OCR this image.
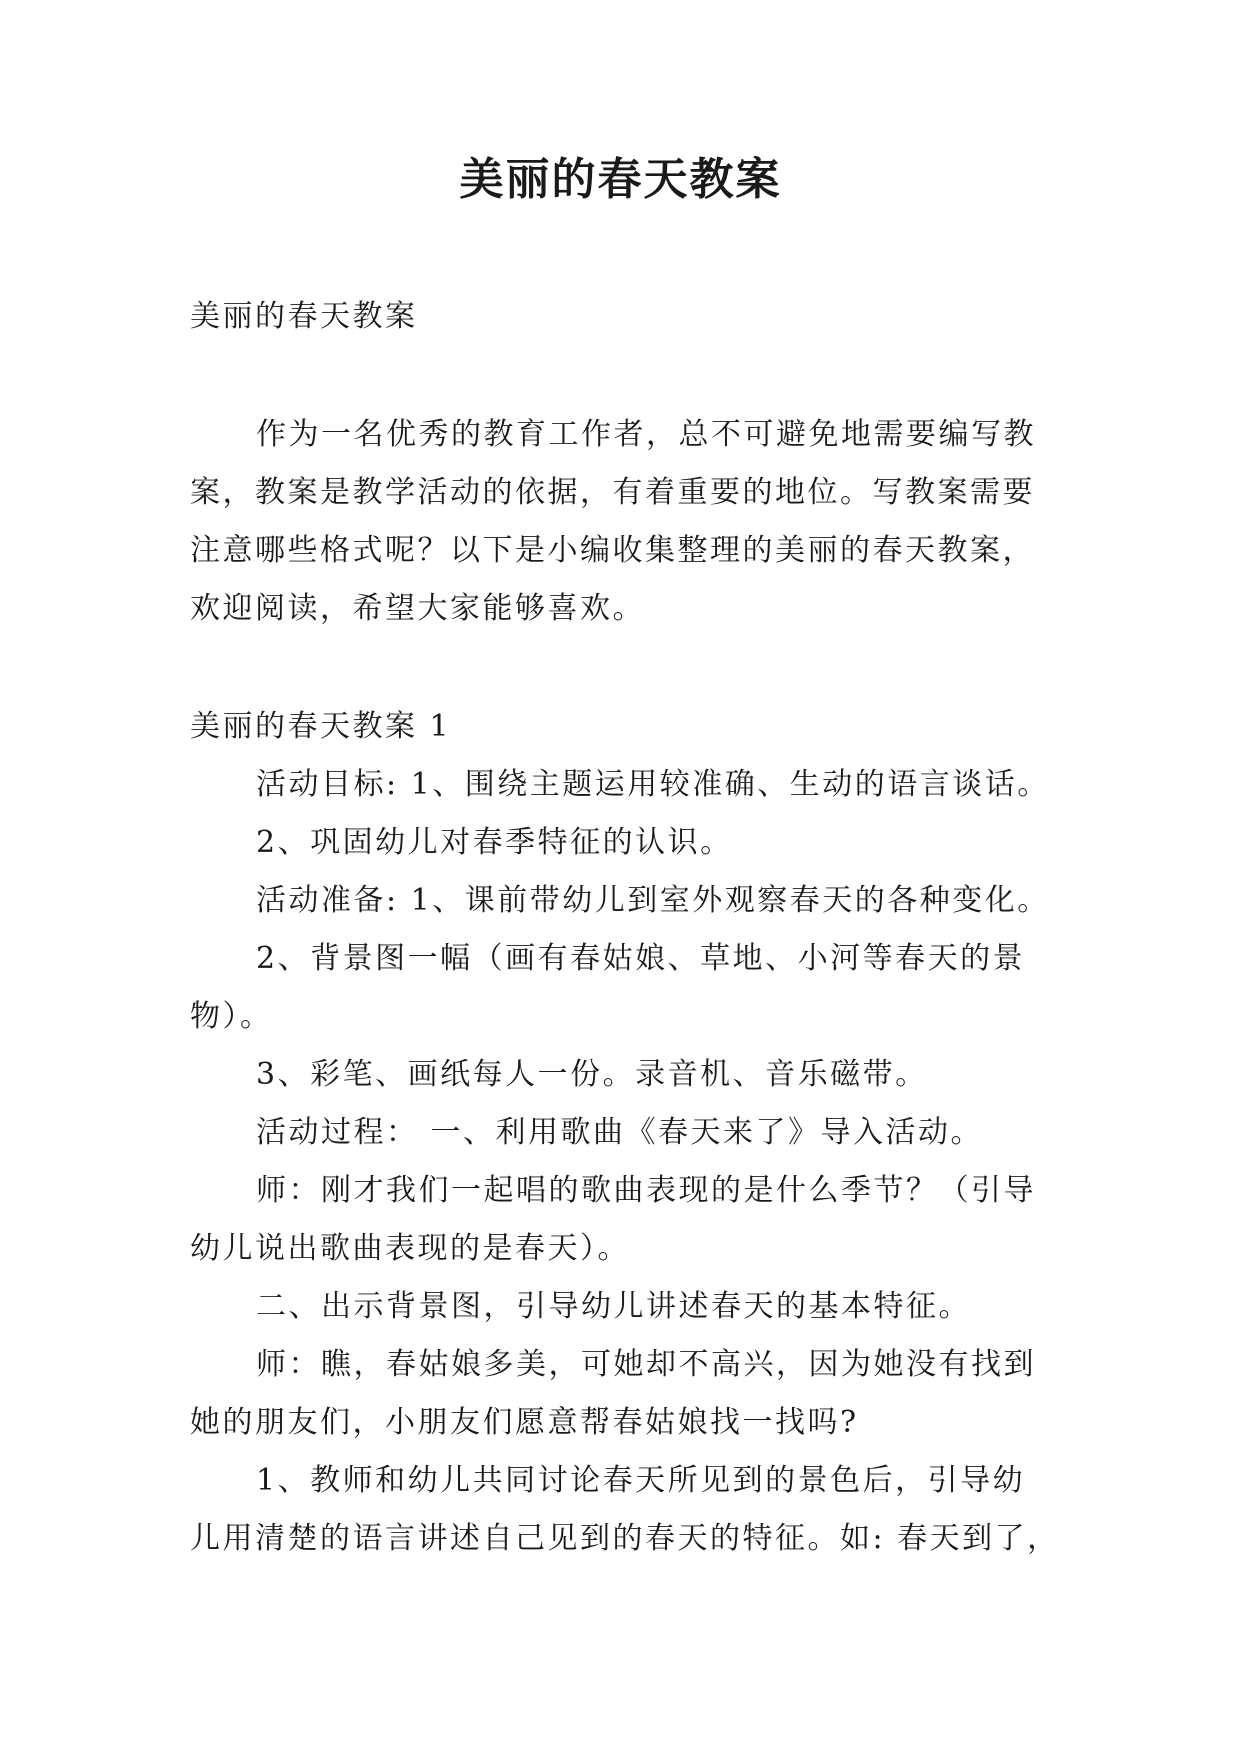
美丽的春天教案

美丽的春天教案

作为一名优秀的教育工作者，总不可避免地需要编写教

案，教案是教学活动的依据，有着重要的地位。写教案需要

注意哪些格式呢？以下是小编收集整理的美丽的春天教案，

欢迎阅读，希望大家能够喜欢。

美丽的春天教案 1

活动目标: 1、围绕主题运用较准确、生动的语言谈话。

2、巩固幼儿对春季特征的认识。

活动准备: 1、课前带幼儿到室外观察春天的各种变化。

2、背景图一幅（画有春姑娘、草地、小河等春天的景

物）。

3、彩笔、画纸每人一份。录音机、音乐磁带。

活动过程： 一、利用歌曲《春天来了》导入活动。

师：刚才我们一起唱的歌曲表现的是什么季节？（引导

幼儿说出歌曲表现的是春天）。

二、出示背景图，引导幼儿讲述春天的基本特征。

师：瞧，春姑娘多美，可她却不高兴，因为她没有找到

她的朋友们，小朋友们愿意帮春姑娘找一找吗?

1、教师和幼儿共同讨论春天所见到的景色后，引导幼

儿用清楚的语言讲述自己见到的春天的特征。如: 春天到了，
